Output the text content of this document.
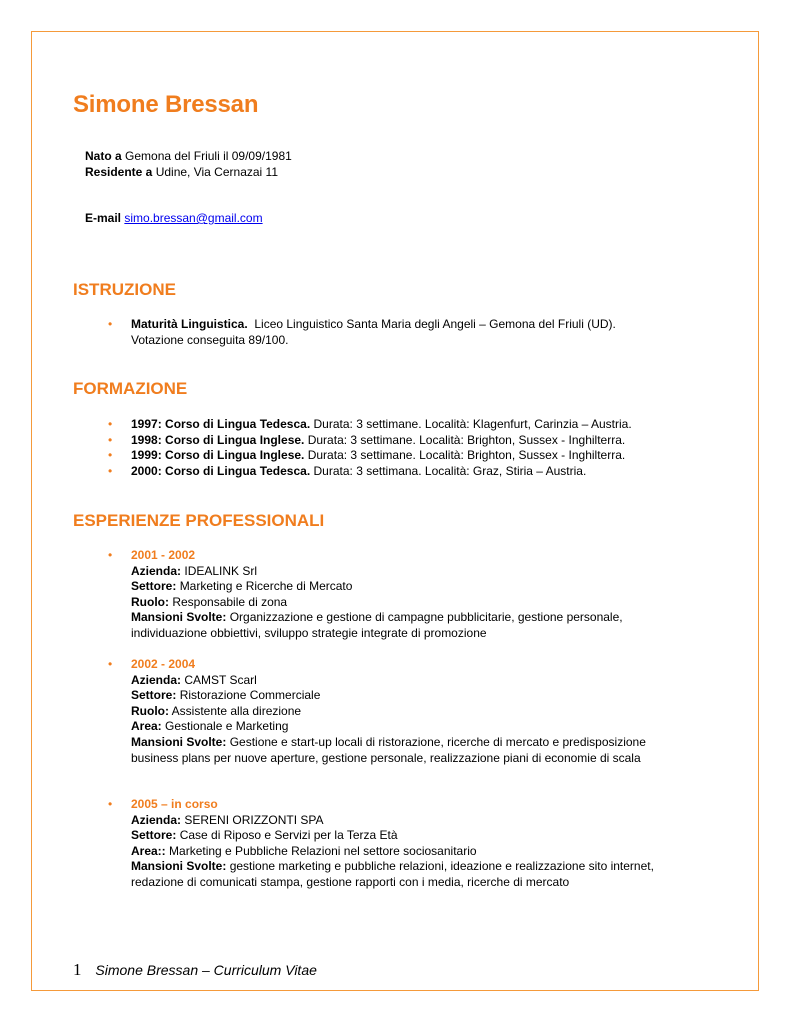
Simone Bressan
Nato a Gemona del Friuli il 09/09/1981
Residente a Udine, Via Cernazai 11
E-mail simo.bressan@gmail.com
ISTRUZIONE
• Maturità Linguistica. Liceo Linguistico Santa Maria degli Angeli – Gemona del Friuli (UD).
Votazione conseguita 89/100.
FORMAZIONE
• 1997: Corso di Lingua Tedesca. Durata: 3 settimane. Località: Klagenfurt, Carinzia – Austria.
• 1998: Corso di Lingua Inglese. Durata: 3 settimane. Località: Brighton, Sussex - Inghilterra.
• 1999: Corso di Lingua Inglese. Durata: 3 settimane. Località: Brighton, Sussex - Inghilterra.
• 2000: Corso di Lingua Tedesca. Durata: 3 settimana. Località: Graz, Stiria – Austria.
ESPERIENZE PROFESSIONALI
• 2001 - 2002
Azienda: IDEALINK Srl
Settore: Marketing e Ricerche di Mercato
Ruolo: Responsabile di zona
Mansioni Svolte: Organizzazione e gestione di campagne pubblicitarie, gestione personale, individuazione obbiettivi, sviluppo strategie integrate di promozione
• 2002 - 2004
Azienda: CAMST Scarl
Settore: Ristorazione Commerciale
Ruolo: Assistente alla direzione
Area: Gestionale e Marketing
Mansioni Svolte: Gestione e start-up locali di ristorazione, ricerche di mercato e predisposizione business plans per nuove aperture, gestione personale, realizzazione piani di economie di scala
• 2005 – in corso
Azienda: SERENI ORIZZONTI SPA
Settore: Case di Riposo e Servizi per la Terza Età
Area:: Marketing e Pubbliche Relazioni nel settore sociosanitario
Mansioni Svolte: gestione marketing e pubbliche relazioni, ideazione e realizzazione sito internet, redazione di comunicati stampa, gestione rapporti con i media, ricerche di mercato
1 Simone Bressan – Curriculum Vitae
